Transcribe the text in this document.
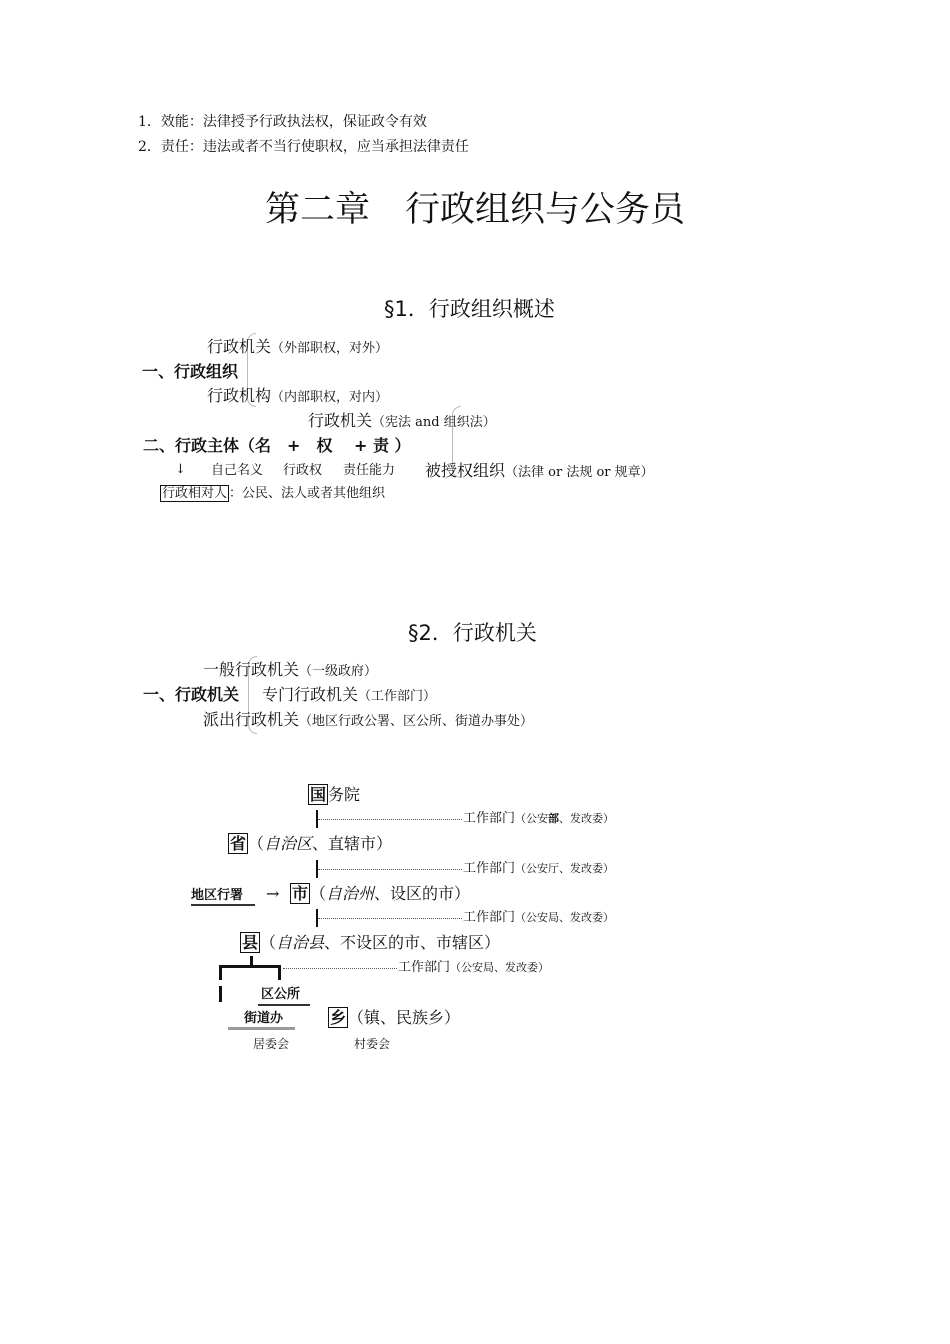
1．效能：法律授予行政执法权，保证政令有效
2．责任：违法或者不当行使职权，应当承担法律责任
第二章　行政组织与公务员
§1．行政组织概述
行政机关（外部职权，对外）
一、行政组织
行政机构（内部职权，对内）
行政机关（宪法 and 组织法）
二、行政主体（名　+　权　 + 责 ）
↓ 自己名义 行政权 责任能力 被授权组织（法律 or 法规 or 规章）
行政相对人 ：公民、法人或者其他组织
§2．行政机关
一般行政机关（一级政府）
一、行政机关 专门行政机关（工作部门）
派出行政机关（地区行政公署、区公所、街道办事处）
国 务院
工作部门（公安部、发改委）
省 （自治区、直辖市）
工作部门（公安厅、发改委）
地区行署 → 市 （自治州、设区的市）
工作部门（公安局、发改委）
县 （自治县、不设区的市、市辖区）
工作部门（公安局、发改委）
区公所
街道办	乡 （镇、民族乡）
居委会	村委会
